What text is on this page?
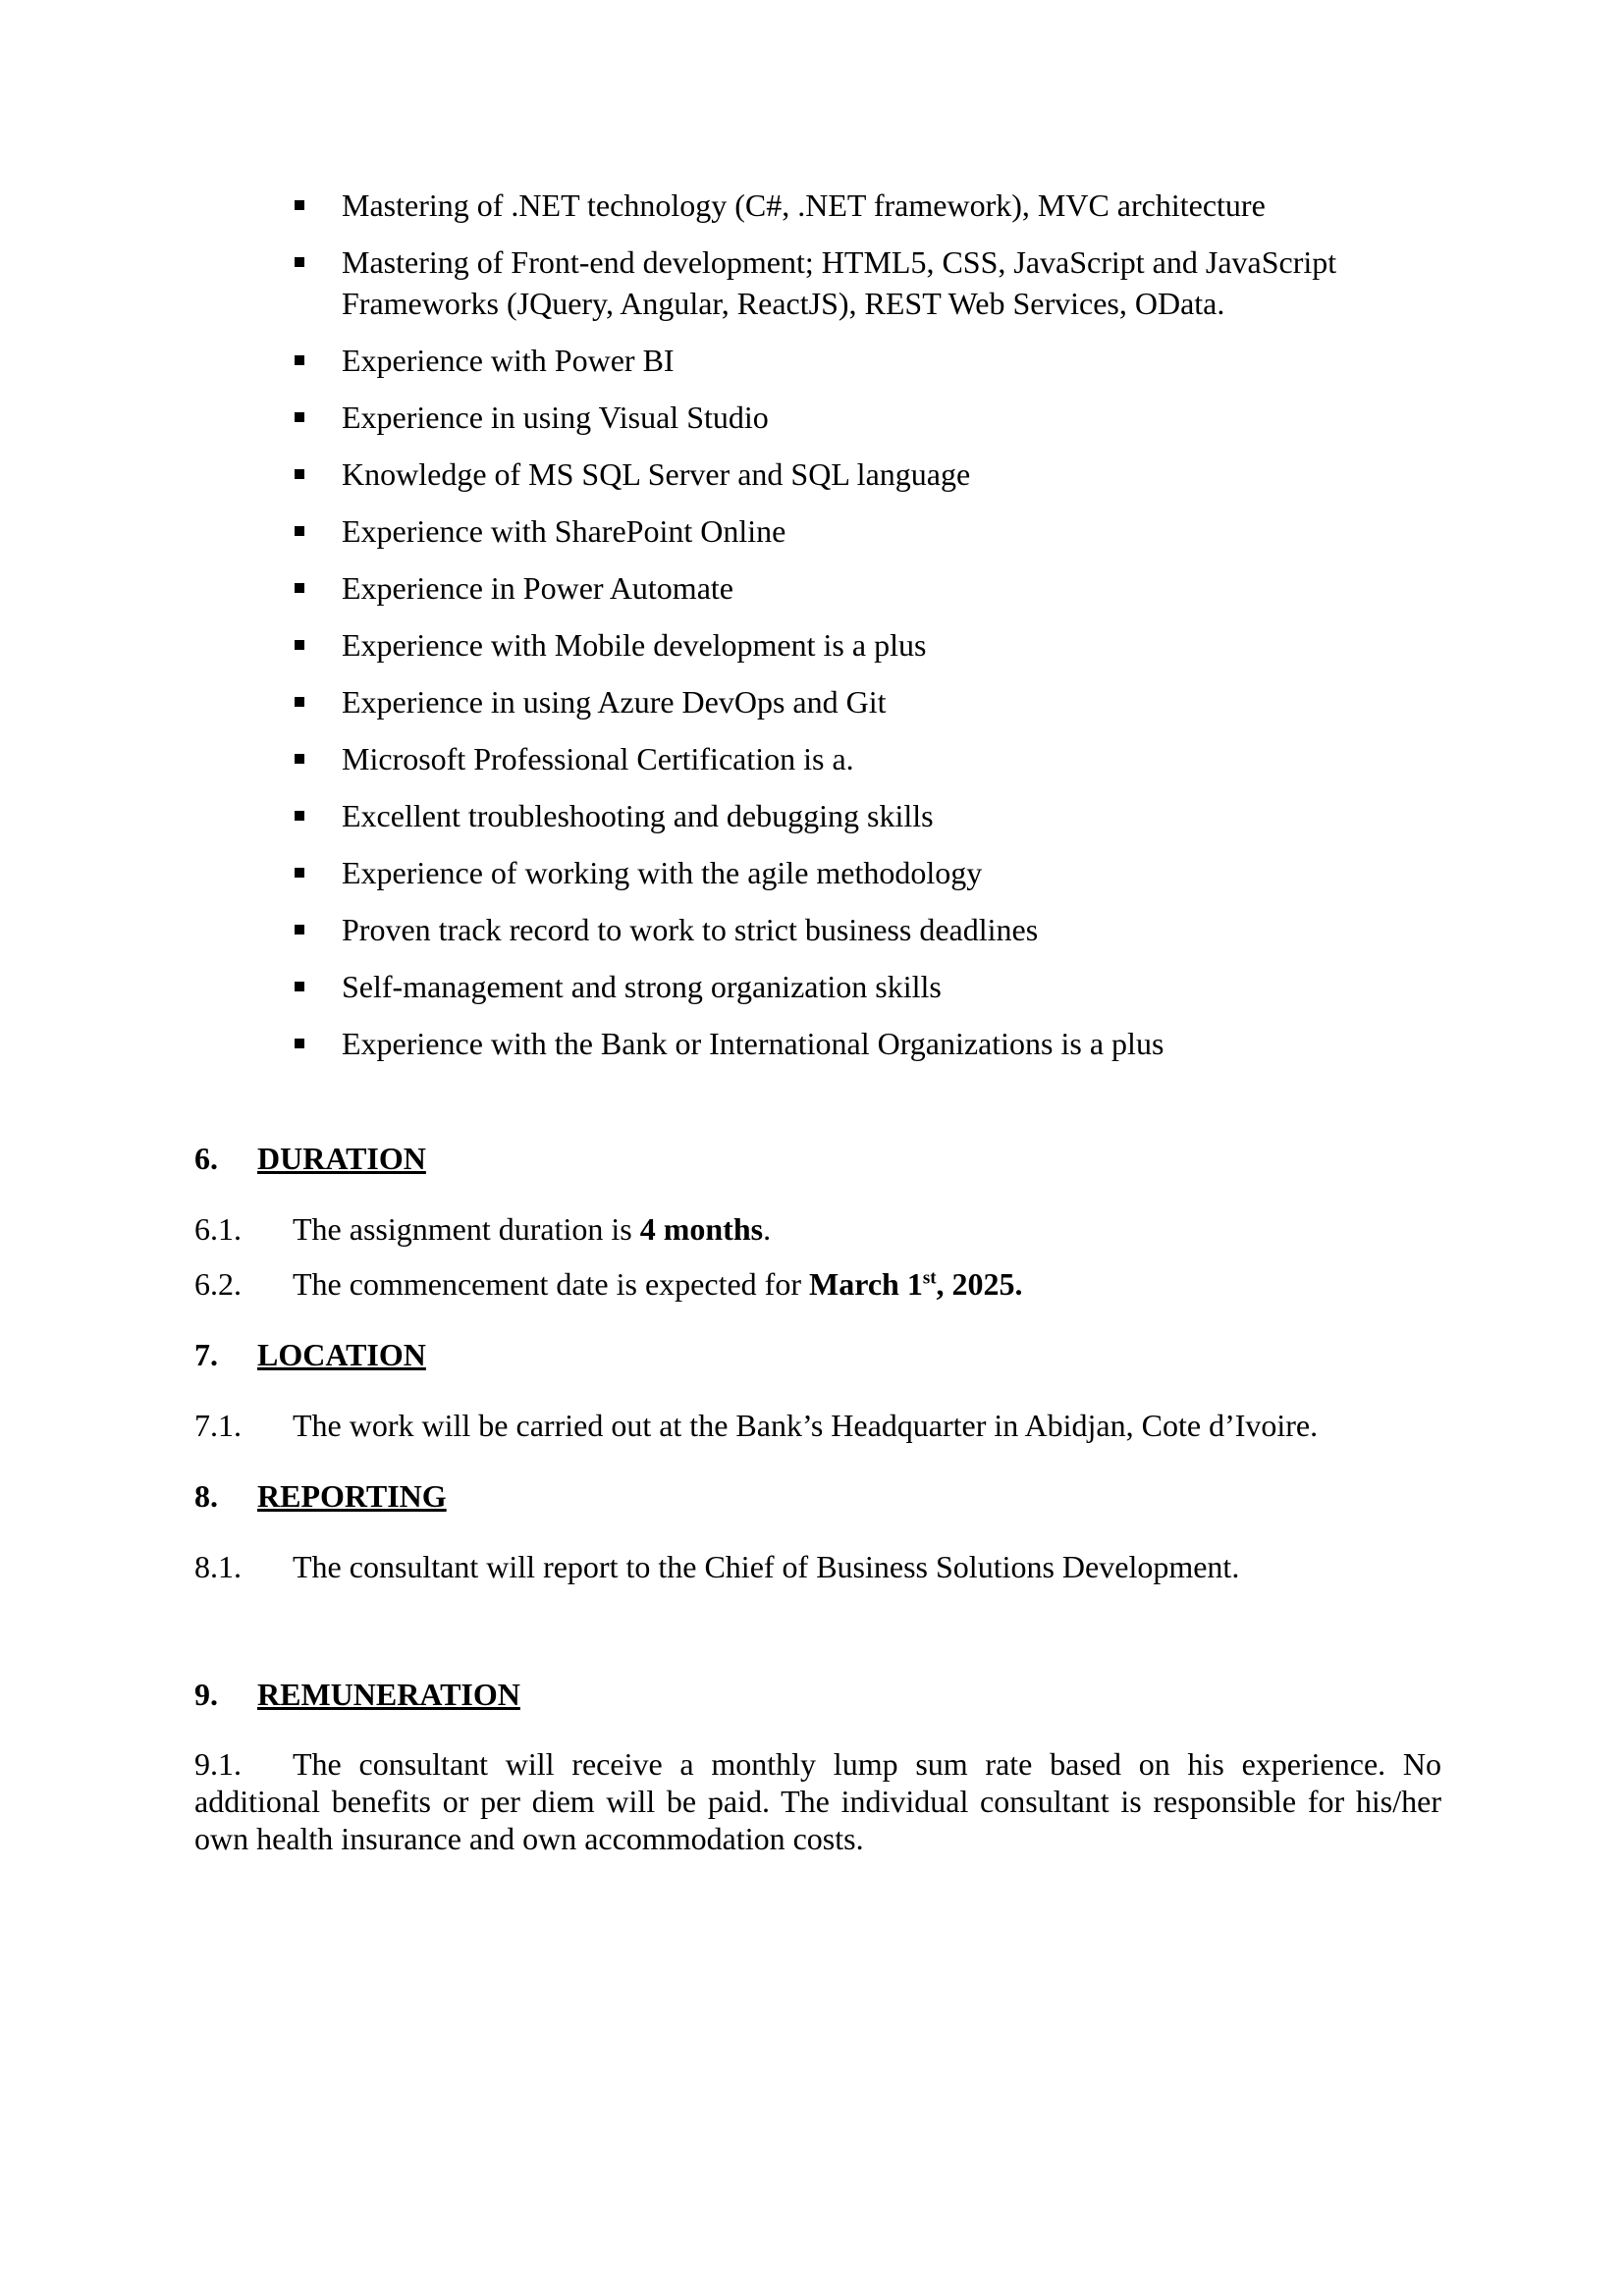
Mastering of .NET technology (C#, .NET framework), MVC architecture
Mastering of Front-end development; HTML5, CSS, JavaScript and JavaScript Frameworks (JQuery, Angular, ReactJS), REST Web Services, OData.
Experience with Power BI
Experience in using Visual Studio
Knowledge of MS SQL Server and SQL language
Experience with SharePoint Online
Experience in Power Automate
Experience with Mobile development is a plus
Experience in using Azure DevOps and Git
Microsoft Professional Certification is a.
Excellent troubleshooting and debugging skills
Experience of working with the agile methodology
Proven track record to work to strict business deadlines
Self-management and strong organization skills
Experience with the Bank or International Organizations is a plus
6.	DURATION
6.1.	The assignment duration is 4 months.
6.2.	The commencement date is expected for March 1st, 2025.
7.	LOCATION
7.1.	The work will be carried out at the Bank’s Headquarter in Abidjan, Cote d’Ivoire.
8.	REPORTING
8.1.	The consultant will report to the Chief of Business Solutions Development.
9.	REMUNERATION
9.1. The consultant will receive a monthly lump sum rate based on his experience. No additional benefits or per diem will be paid. The individual consultant is responsible for his/her own health insurance and own accommodation costs.
